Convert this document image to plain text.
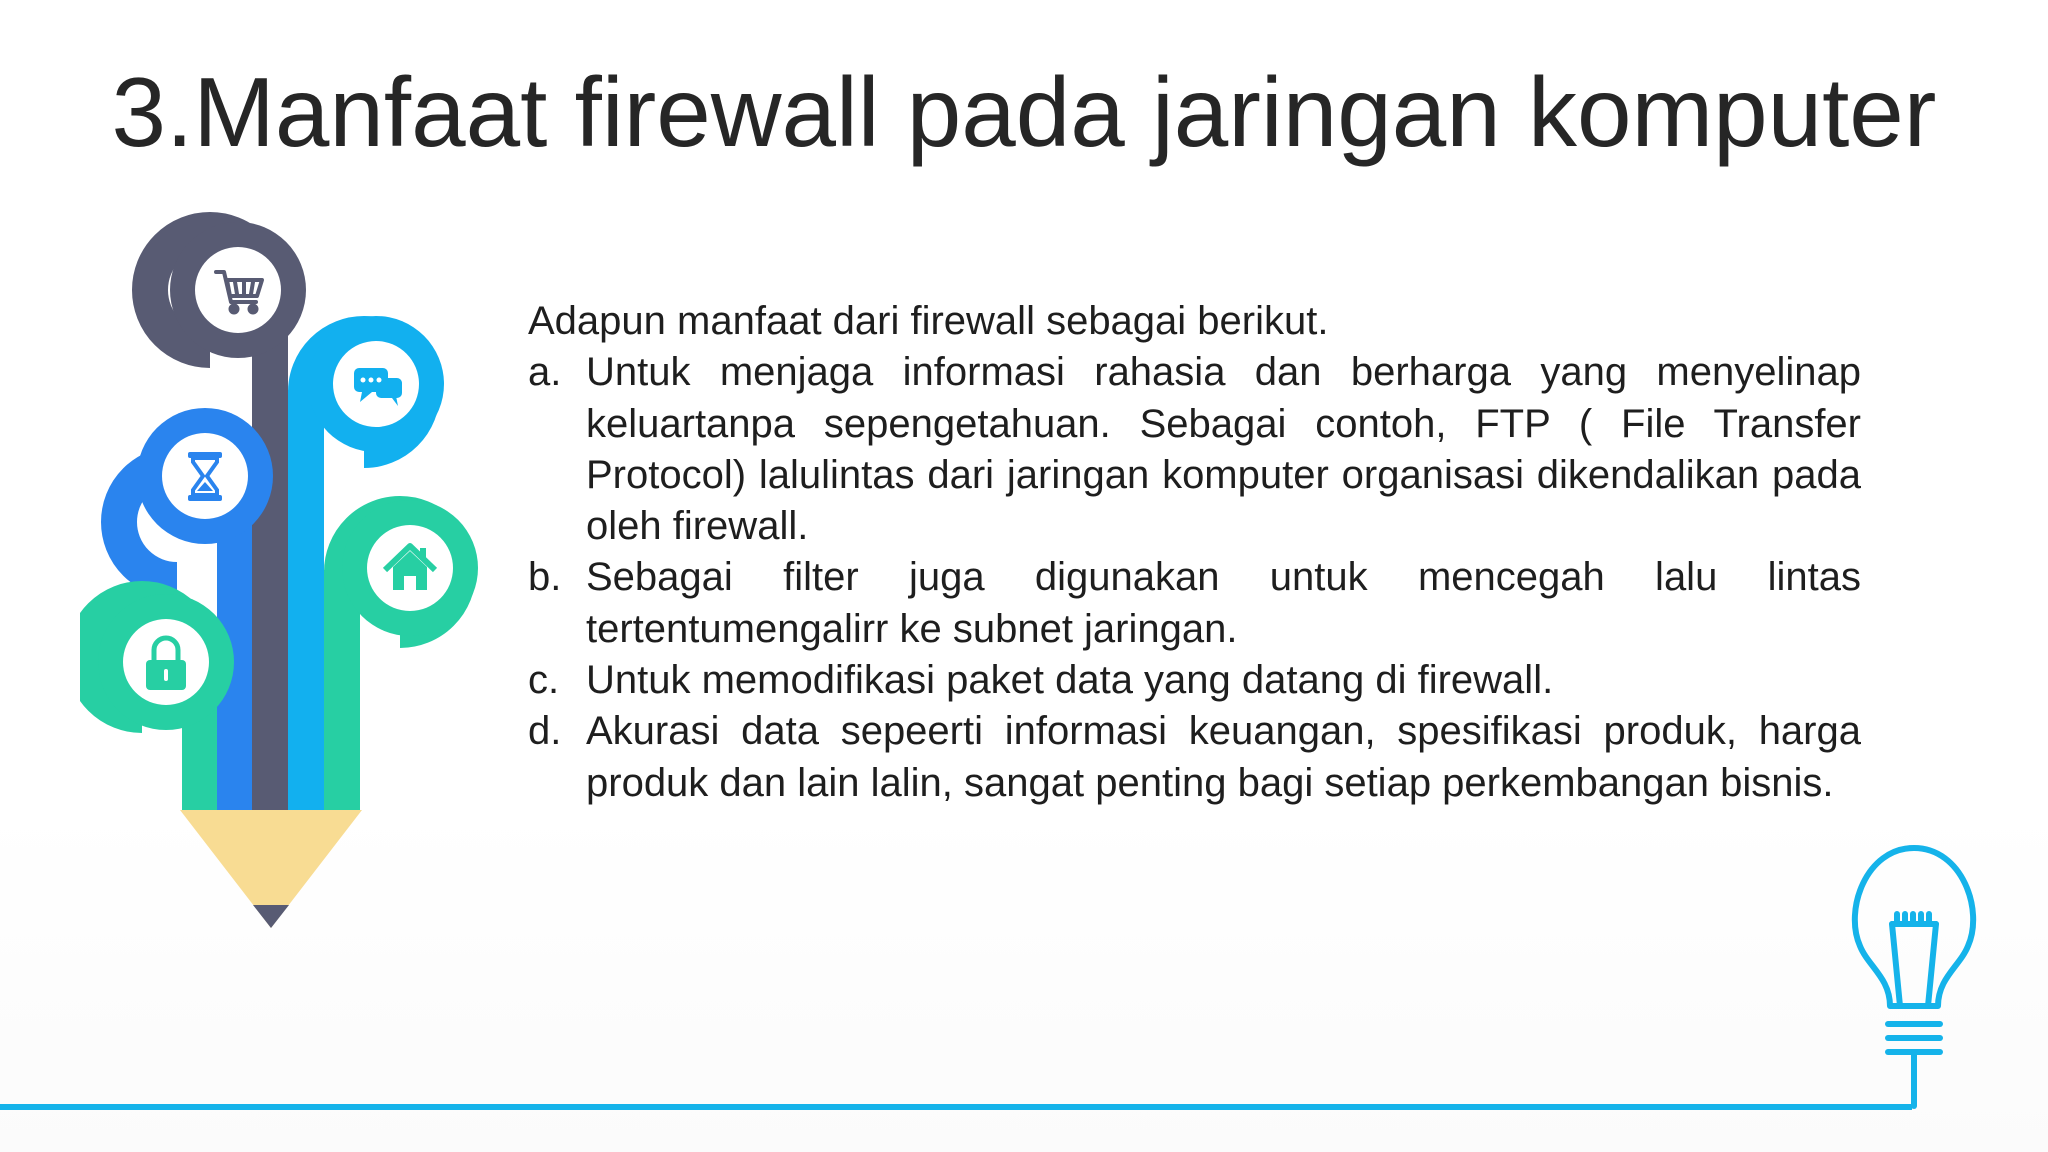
3.Manfaat firewall pada jaringan komputer

Adapun manfaat dari firewall sebagai berikut.

a. Untuk menjaga informasi rahasia dan berharga yang menyelinap keluartanpa sepengetahuan. Sebagai contoh, FTP ( File Transfer Protocol) lalulintas dari jaringan komputer organisasi dikendalikan pada oleh firewall.
b. Sebagai filter juga digunakan untuk mencegah lalu lintas tertentumengalirr ke subnet jaringan.
c. Untuk memodifikasi paket data yang datang di firewall.
d. Akurasi data sepeerti informasi keuangan, spesifikasi produk, harga produk dan lain lalin, sangat penting bagi setiap perkembangan bisnis.
